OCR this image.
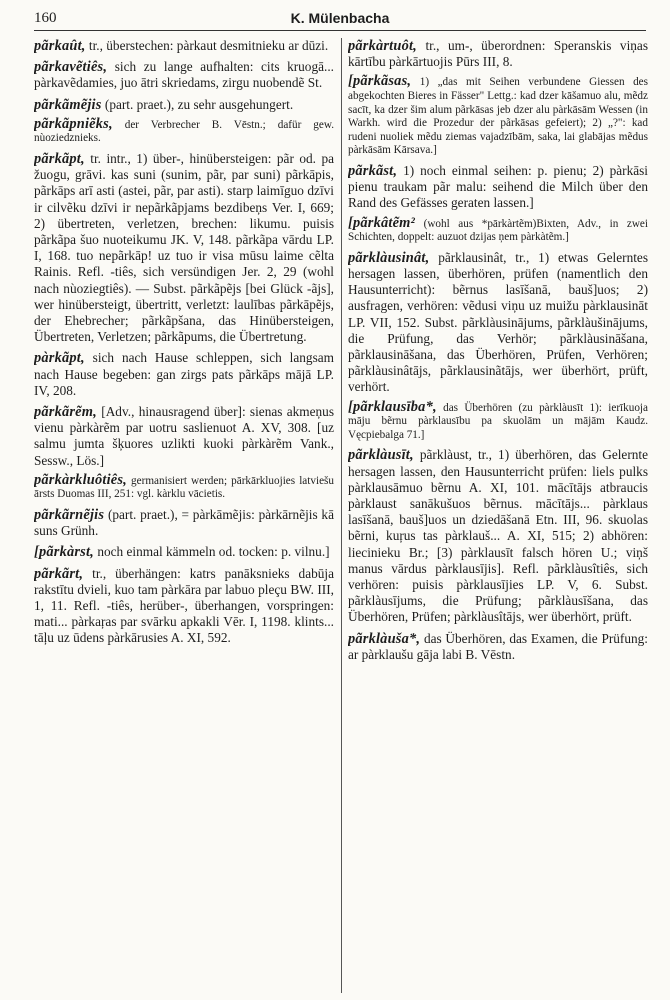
160	K. Mülenbacha

pãrkaût, tr., überstechen: pàrkaut desmitnieku ar dūzi.

pãrkavẽtiês, sich zu lange aufhalten: cits kruogā... pàrkavẽdamies, juo ātri skriedams, zirgu nuobendẽ St.

pãrkãmẽjis (part. praet.), zu sehr ausgehungert.

pãrkãpniẽks, der Verbrecher B. Vēstn.; dafür gew. nùoziedznieks.

pãrkãpt, tr. intr., 1) über-, hinübersteigen: pãr od. pa žuogu, grāvi. kas suni (sunim, pãr, par suni) pãrkāpis, pãrkāps arī asti (astei, pãr, par asti). starp laimīguo dzīvi ir cilvẽku dzīvi ir nepãrkãpjams bezdibeņs Ver. I, 669; 2) übertreten, verletzen, brechen: likumu. puisis pãrkãpa šuo nuoteikumu JK. V, 148. pãrkãpa vārdu LP. I, 168. tuo nepãrkāp! uz tuo ir visa mūsu laime cẽlta Rainis. Refl. -tiês, sich versündigen Jer. 2, 29 (wohl nach nùoziegtiês). — Subst. pãrkãpẽjs [bei Glück -ãjs], wer hinübersteigt, übertritt, verletzt: laulības pãrkāpẽjs, der Ehebrecher; pãrkãpšana, das Hinübersteigen, Übertreten, Verletzen; pãrkãpums, die Übertretung.

pàrkãpt, sich nach Hause schleppen, sich langsam nach Hause begeben: gan zirgs pats pãrkāps mājā LP. IV, 208.

pãrkãrẽm, [Adv., hinausragend über]: sienas akmeņus vienu pàrkàrẽm par uotru saslienuot A. XV, 308. [uz salmu jumta šķuores uzlikti kuoki pàrkàrẽm Vank., Sessw., Lös.]

pãrkàrkluôtiês, germanisiert werden; pārkārkluojies latviešu ārsts Duomas III, 251: vgl. kàrklu vācietis.

pãrkãrnẽjis (part. praet.), = pàrkāmẽjis: pàrkārnẽjis kā suns Grünh.

[pãrkàrst, noch einmal kämmeln od. tocken: p. vilnu.]

pãrkãrt, tr., überhängen: katrs panāksnieks dabūja rakstītu dvieli, kuo tam pàrkāra par labuo pleçu BW. III, 1, 11. Refl. -tiês, herüber-, überhangen, vorspringen: mati... pàrkaŗas par svārku apkakli Vēr. I, 1198. klints... tāļu uz ūdens pàrkārusies A. XI, 592.

pãrkàrtuôt, tr., um-, überordnen: Speranskis viņas kārtību pàrkārtuojis Pūrs III, 8.

[pãrkãsas, 1) „das mit Seihen verbundene Giessen des abgekochten Bieres in Fässer" Lettg.: kad dzer kāšamuo alu, mẽdz sacīt, ka dzer šim alum pãrkāsas jeb dzer alu pàrkāsām Wessen (in Warkh. wird die Prozedur der pãrkāsas gefeiert); 2) „?": kad rudeni nuoliek mẽdu ziemas vajadzībām, saka, lai glabājas mẽdus pàrkāsām Kārsava.]

pãrkãst, 1) noch einmal seihen: p. pienu; 2) pàrkāsi pienu traukam pãr malu: seihend die Milch über den Rand des Gefässes geraten lassen.]

[pãrkâtẽm² (wohl aus *pārkàrtẽm)Bixten, Adv., in zwei Schichten, doppelt: auzuot dzijas ņem pàrkàtẽm.]

pãrklàusinât, pãrklausinât, tr., 1) etwas Gelerntes hersagen lassen, überhören, prüfen (namentlich den Hausunterricht): bẽrnus lasīšanā, bauš]uos; 2) ausfragen, verhören: vẽdusi viņu uz muižu pàrklausināt LP. VII, 152. Subst. pãrklàusinājums, pãrklàušinājums, die Prüfung, das Verhör; pãrklàusināšana, pãrklausināšana, das Überhören, Prüfen, Verhören; pãrklàusinâtājs, pãrklausinãtājs, wer überhört, prüft, verhört.

[pãrklausība*, das Überhören (zu pàrklàusīt 1): ierīkuoja māju bẽrnu pàrklausību pa skuolām un mājām Kaudz. Vęcpiebalga 71.]

pãrklàusīt, pãrklàust, tr., 1) überhören, das Gelernte hersagen lassen, den Hausunterricht prüfen: liels pulks pàrklausāmuo bẽrnu A. XI, 101. mācītājs atbraucis pàrklaust sanākušuos bẽrnus. mācītājs... pàrklaus lasīšanā, bauš]uos un dziedāšanā Etn. III, 96. skuolas bẽrni, kuŗus tas pàrklauš... A. XI, 515; 2) abhören: liecinieku Br.; [3) pàrklausīt falsch hören U.; viņš manus vārdus pàrklausījis]. Refl. pãrklàusîtiês, sich verhören: puisis pàrklausījies LP. V, 6. Subst. pãrklàusījums, die Prüfung; pãrklàusīšana, das Überhören, Prüfen; pàrklàusîtājs, wer überhört, prüft.

pãrklàuša*, das Überhören, das Examen, die Prüfung: ar pàrklaušu gāja labi B. Vēstn.
